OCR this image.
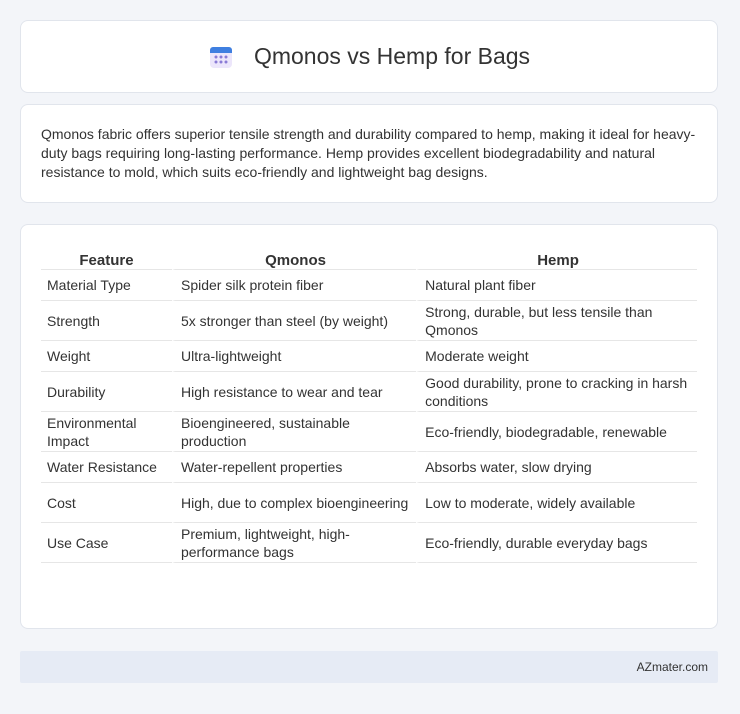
Qmonos vs Hemp for Bags

Qmonos fabric offers superior tensile strength and durability compared to hemp, making it ideal for heavy-duty bags requiring long-lasting performance. Hemp provides excellent biodegradability and natural resistance to mold, which suits eco-friendly and lightweight bag designs.

Feature	Qmonos	Hemp
Material Type	Spider silk protein fiber	Natural plant fiber
Strength	5x stronger than steel (by weight)	Strong, durable, but less tensile than Qmonos
Weight	Ultra-lightweight	Moderate weight
Durability	High resistance to wear and tear	Good durability, prone to cracking in harsh conditions
Environmental Impact	Bioengineered, sustainable production	Eco-friendly, biodegradable, renewable
Water Resistance	Water-repellent properties	Absorbs water, slow drying
Cost	High, due to complex bioengineering	Low to moderate, widely available
Use Case	Premium, lightweight, high-performance bags	Eco-friendly, durable everyday bags
AZmater.com
